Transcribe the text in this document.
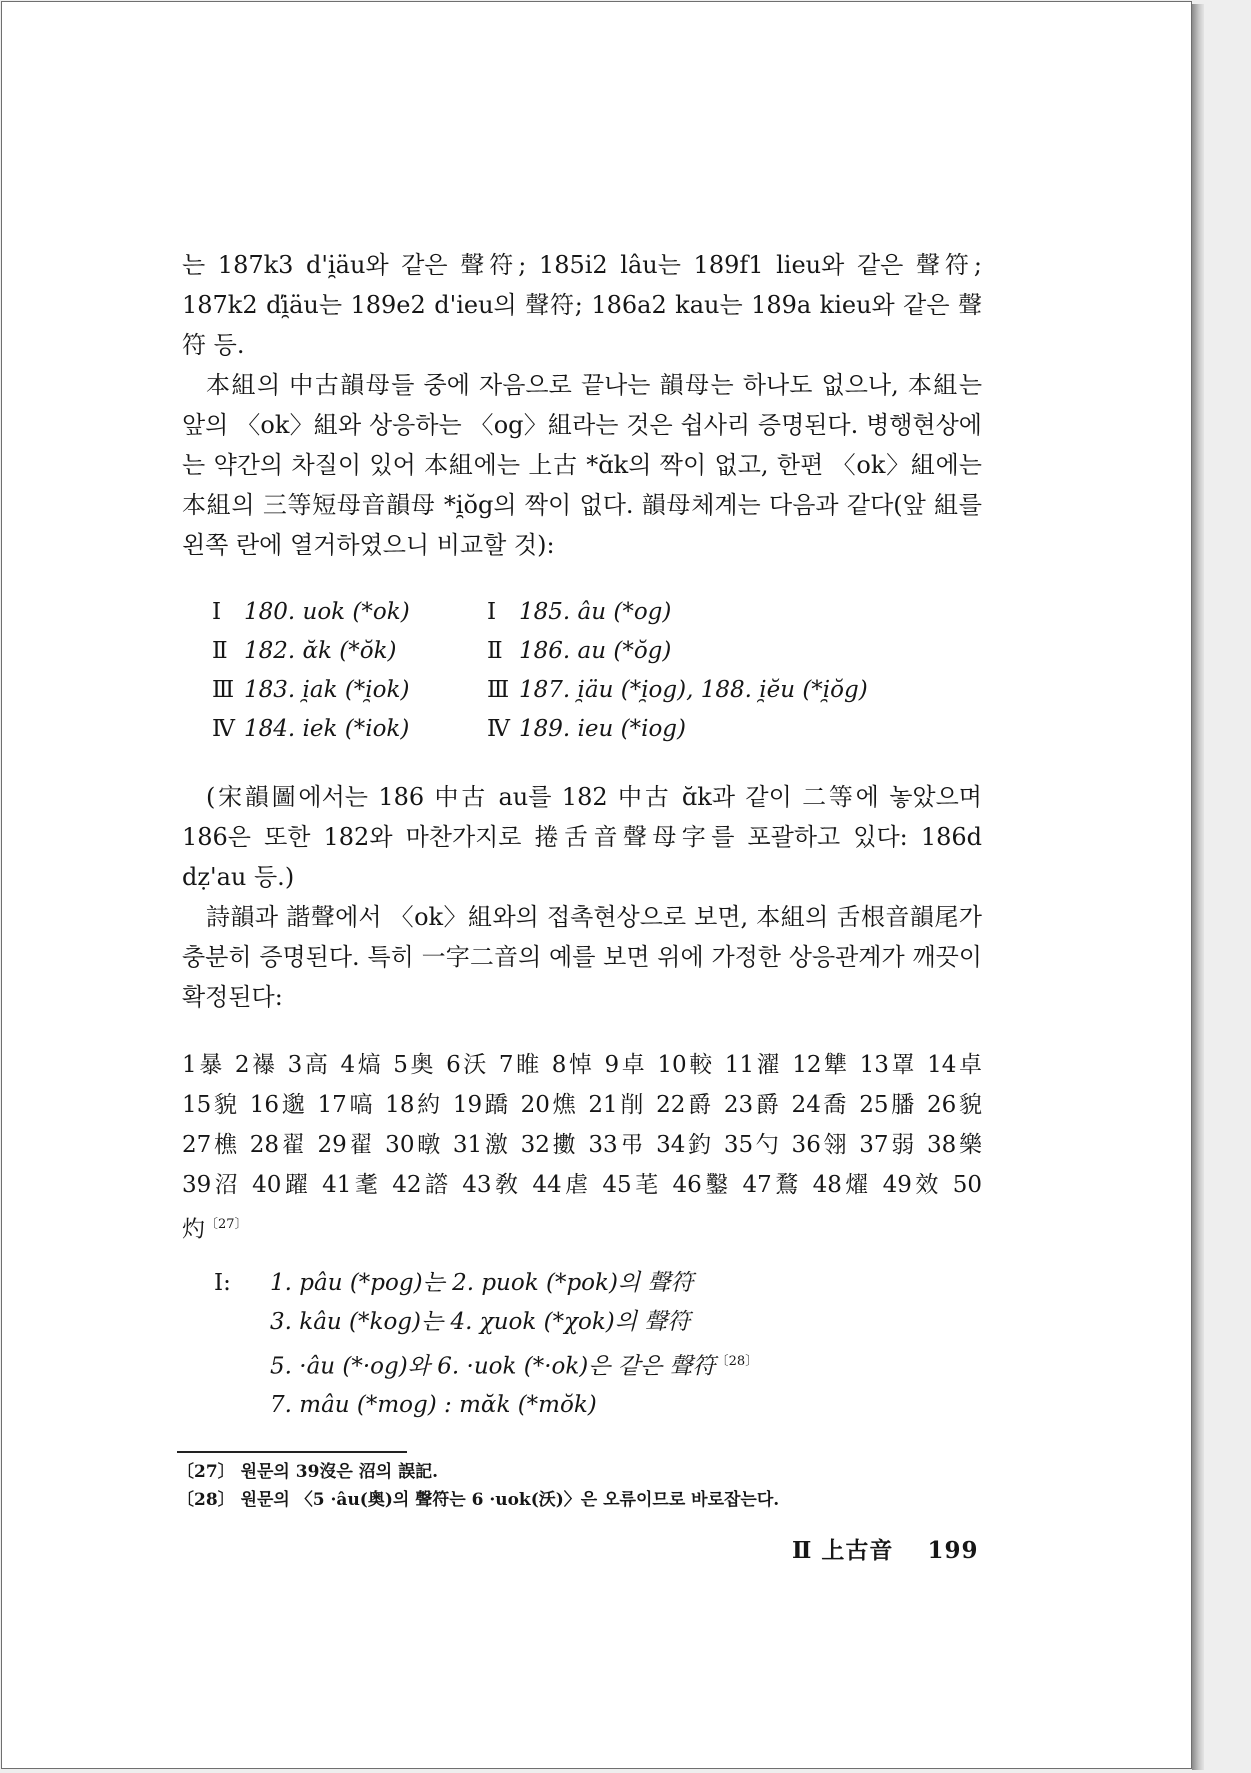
는 187k3 d'i̯äu와 같은 聲符; 185i2 lâu는 189f1 lieu와 같은 聲符; 187k2 ďi̯äu는 189e2 d'ieu의 聲符; 186a2 kau는 189a kieu와 같은 聲符 등.

本組의 中古韻母들 중에 자음으로 끝나는 韻母는 하나도 없으나, 本組는 앞의 〈ok〉組와 상응하는 〈og〉組라는 것은 쉽사리 증명된다. 병행현상에는 약간의 차질이 있어 本組에는 上古 *ɑ̆k의 짝이 없고, 한편 〈ok〉組에는 本組의 三等短母音韻母 *i̯ŏg의 짝이 없다. 韻母체계는 다음과 같다(앞 組를 왼쪽 란에 열거하였으니 비교할 것):

Ⅰ 180. uok (*ok)	Ⅰ 185. âu (*og)
Ⅱ 182. ɑ̆k (*ŏk)	Ⅱ 186. au (*ŏg)
Ⅲ 183. i̯ak (*i̯ok)	Ⅲ 187. i̯äu (*i̯og), 188. i̯ĕu (*i̯ŏg)
Ⅳ 184. iek (*iok)	Ⅳ 189. ieu (*iog)

(宋韻圖에서는 186 中古 au를 182 中古 ɑ̆k과 같이 二等에 놓았으며 186은 또한 182와 마찬가지로 捲舌音聲母字를 포괄하고 있다: 186d dẓ'au 등.)

詩韻과 諧聲에서 〈ok〉組와의 접촉현상으로 보면, 本組의 舌根音韻尾가 충분히 증명된다. 특히 一字二音의 예를 보면 위에 가정한 상응관계가 깨끗이 확정된다:

1暴 2襮 3高 4熇 5奥 6沃 7睢 8悼 9卓 10較 11濯 12犨 13罩 14卓

15貌 16邈 17嗃 18約 19蹻 20燋 21削 22爵 23爵 24喬 25膰 26貌

27樵 28翟 29翟 30暾 31激 32擻 33弔 34釣 35勺 36翎 37弱 38樂

39沼 40躍 41耄 42譗 43敎 44虐 45芼 46鑿 47鶩 48燿 49效 50

灼$^{〔27〕}$

Ⅰ:	1. pâu (*pog)는 2. puok (*pok)의 聲符
3. kâu (*kog)는 4. χuok (*χok)의 聲符
5. ·âu (*·og)와 6. ·uok (*·ok)은 같은 聲符$^{〔28〕}$
7. mâu (*mog) : mɑ̆k (*mŏk)
〔27〕 원문의 39沒은 沼의 誤記.
〔28〕 원문의 〈5 ·âu(奥)의 聲符는 6 ·uok(沃)〉은 오류이므로 바로잡는다.
Ⅱ 上古音 199
